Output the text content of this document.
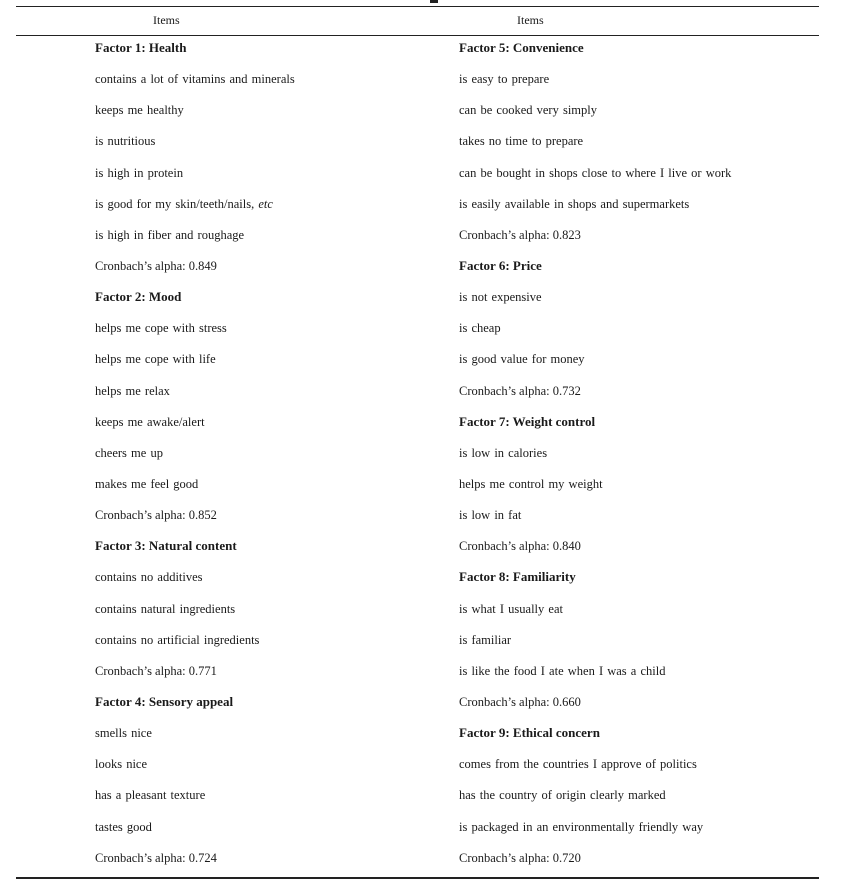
Items	Items
Factor 1: Health
contains a lot of vitamins and minerals
keeps me healthy
is nutritious
is high in protein
is good for my skin/teeth/nails, etc
is high in fiber and roughage
Cronbach’s alpha: 0.849
Factor 2: Mood
helps me cope with stress
helps me cope with life
helps me relax
keeps me awake/alert
cheers me up
makes me feel good
Cronbach’s alpha: 0.852
Factor 3: Natural content
contains no additives
contains natural ingredients
contains no artificial ingredients
Cronbach’s alpha: 0.771
Factor 4: Sensory appeal
smells nice
looks nice
has a pleasant texture
tastes good
Cronbach’s alpha: 0.724
Factor 5: Convenience
is easy to prepare
can be cooked very simply
takes no time to prepare
can be bought in shops close to where I live or work
is easily available in shops and supermarkets
Cronbach’s alpha: 0.823
Factor 6: Price
is not expensive
is cheap
is good value for money
Cronbach’s alpha: 0.732
Factor 7: Weight control
is low in calories
helps me control my weight
is low in fat
Cronbach’s alpha: 0.840
Factor 8: Familiarity
is what I usually eat
is familiar
is like the food I ate when I was a child
Cronbach’s alpha: 0.660
Factor 9: Ethical concern
comes from the countries I approve of politics
has the country of origin clearly marked
is packaged in an environmentally friendly way
Cronbach’s alpha: 0.720
